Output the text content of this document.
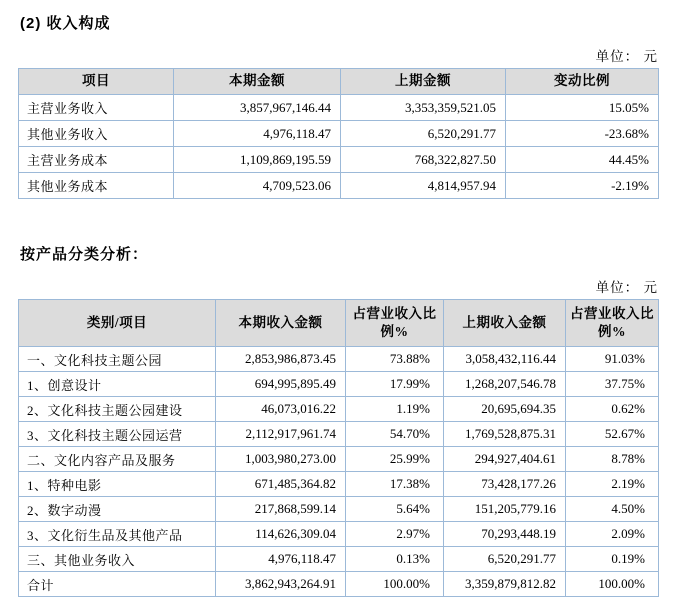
(2) 收入构成
单位： 元
项目	本期金额	上期金额	变动比例
主营业务收入	3,857,967,146.44	3,353,359,521.05	15.05%
其他业务收入	4,976,118.47	6,520,291.77	-23.68%
主营业务成本	1,109,869,195.59	768,322,827.50	44.45%
其他业务成本	4,709,523.06	4,814,957.94	-2.19%
按产品分类分析：
单位： 元
类别/项目	本期收入金额	占营业收入比例%	上期收入金额	占营业收入比例%
一、文化科技主题公园	2,853,986,873.45	73.88%	3,058,432,116.44	91.03%
1、创意设计	694,995,895.49	17.99%	1,268,207,546.78	37.75%
2、文化科技主题公园建设	46,073,016.22	1.19%	20,695,694.35	0.62%
3、文化科技主题公园运营	2,112,917,961.74	54.70%	1,769,528,875.31	52.67%
二、文化内容产品及服务	1,003,980,273.00	25.99%	294,927,404.61	8.78%
1、特种电影	671,485,364.82	17.38%	73,428,177.26	2.19%
2、数字动漫	217,868,599.14	5.64%	151,205,779.16	4.50%
3、文化衍生品及其他产品	114,626,309.04	2.97%	70,293,448.19	2.09%
三、其他业务收入	4,976,118.47	0.13%	6,520,291.77	0.19%
合计	3,862,943,264.91	100.00%	3,359,879,812.82	100.00%
